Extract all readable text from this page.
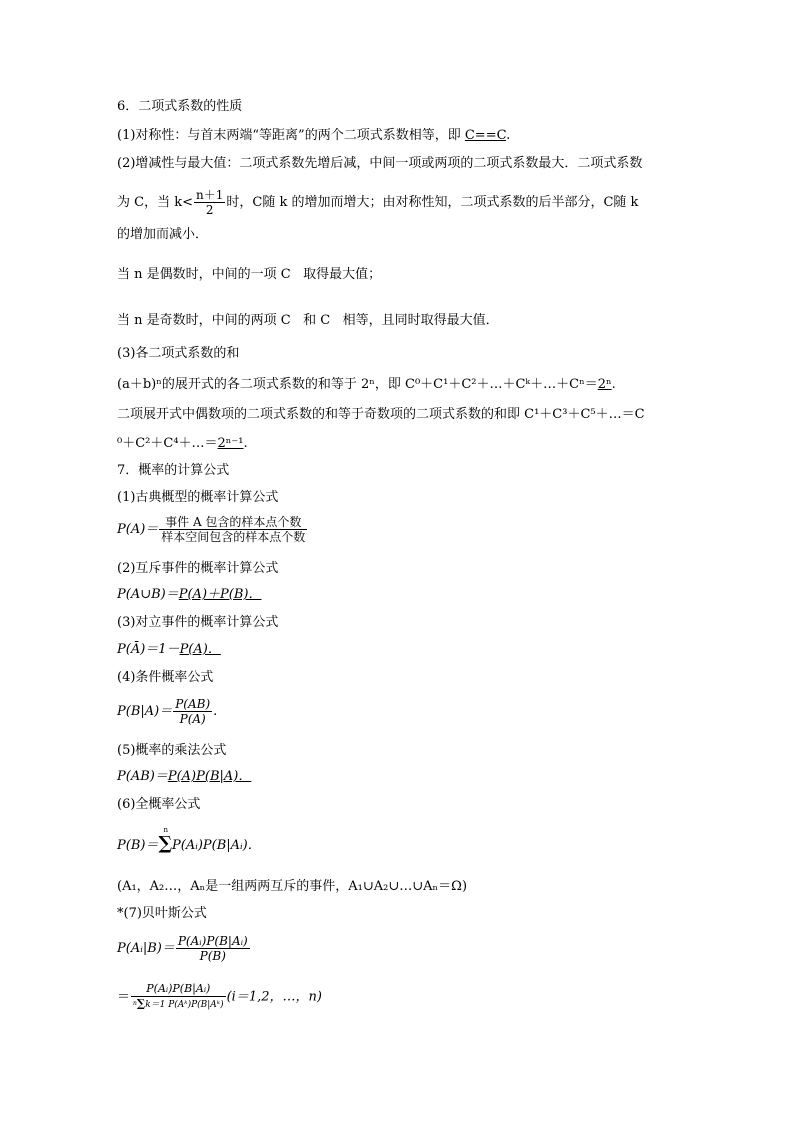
6．二项式系数的性质
(1)对称性：与首末两端“等距离”的两个二项式系数相等，即 C==C.
(2)增减性与最大值：二项式系数先增后减，中间一项或两项的二项式系数最大．二项式系数
为 C，当 $k< \frac{n+1}{2}$ 时，C随 k 的增加而增大；由对称性知，二项式系数的后半部分，C随 k
的增加而减小．
当 n 是偶数时，中间的一项 C 取得最大值；
当 n 是奇数时，中间的两项 C 和 C 相等，且同时取得最大值．
(3)各二项式系数的和
(a＋b)ⁿ的展开式的各二项式系数的和等于 2ⁿ，即 C⁰＋C¹＋C²＋…＋Cᵏ＋…＋Cⁿ＝2ⁿ.
二项展开式中偶数项的二项式系数的和等于奇数项的二项式系数的和即 C¹＋C³＋C⁵＋…＝C
⁰＋C²＋C⁴＋…＝2ⁿ⁻¹.
7．概率的计算公式
(1)古典概型的概率计算公式
$P(A)= \frac{\text{事件 A 包含的样本点个数}}{\text{样本空间包含的样本点个数}}$
(2)互斥事件的概率计算公式
P(A∪B)＝P(A)＋P(B)．
(3)对立事件的概率计算公式
P(Ā)＝1－P(A)．
(4)条件概率公式
$P(B|A)= \frac{P(AB)}{P(A)}$ .
(5)概率的乘法公式
P(AB)＝P(A)P(B|A)．
(6)全概率公式
P(B)＝
n
∑P(Aᵢ)P(B|Aᵢ)．
(A₁，A₂…，Aₙ是一组两两互斥的事件，A₁∪A₂∪…∪Aₙ＝Ω)
*(7)贝叶斯公式
P(Aᵢ|B)＝ $\frac{\text{P(Aᵢ)P(B|Aᵢ)}}{P(B)}$
＝ $\frac{\text{P(Aᵢ)P(B|Aᵢ)}}{^n\sum k=1 P(Aᵏ)P(B|Aᵏ)} (i=1,2$，…，n)
